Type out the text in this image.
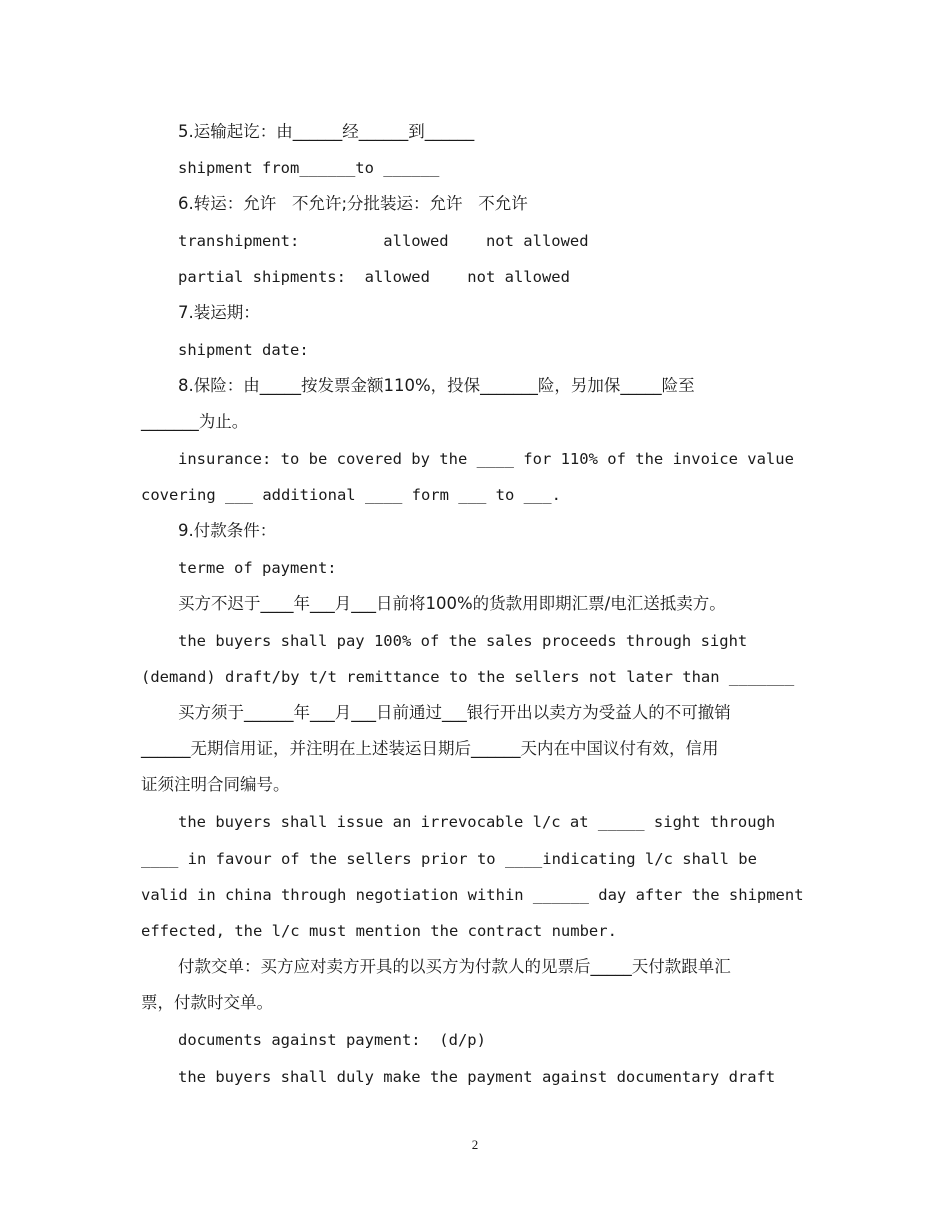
5.运输起讫：由______经______到______
shipment from______to ______
6.转运：允许   不允许;分批装运：允许   不允许
transhipment:         allowed    not allowed
partial shipments:  allowed    not allowed
7.装运期：
shipment date:
8.保险：由_____按发票金额110%，投保_______险，另加保_____险至
_______为止。
insurance: to be covered by the ____ for 110% of the invoice value
covering ___ additional ____ form ___ to ___.
9.付款条件：
terme of payment:
买方不迟于____年___月___日前将100%的货款用即期汇票/电汇送抵卖方。
the buyers shall pay 100% of the sales proceeds through sight
(demand) draft/by t/t remittance to the sellers not later than _______
买方须于______年___月___日前通过___银行开出以卖方为受益人的不可撤销
______无期信用证，并注明在上述装运日期后______天内在中国议付有效，信用
证须注明合同编号。
the buyers shall issue an irrevocable l/c at _____ sight through
____ in favour of the sellers prior to ____indicating l/c shall be
valid in china through negotiation within ______ day after the shipment
effected, the l/c must mention the contract number.
付款交单：买方应对卖方开具的以买方为付款人的见票后_____天付款跟单汇
票，付款时交单。
documents against payment:  (d/p)
the buyers shall duly make the payment against documentary draft
2
